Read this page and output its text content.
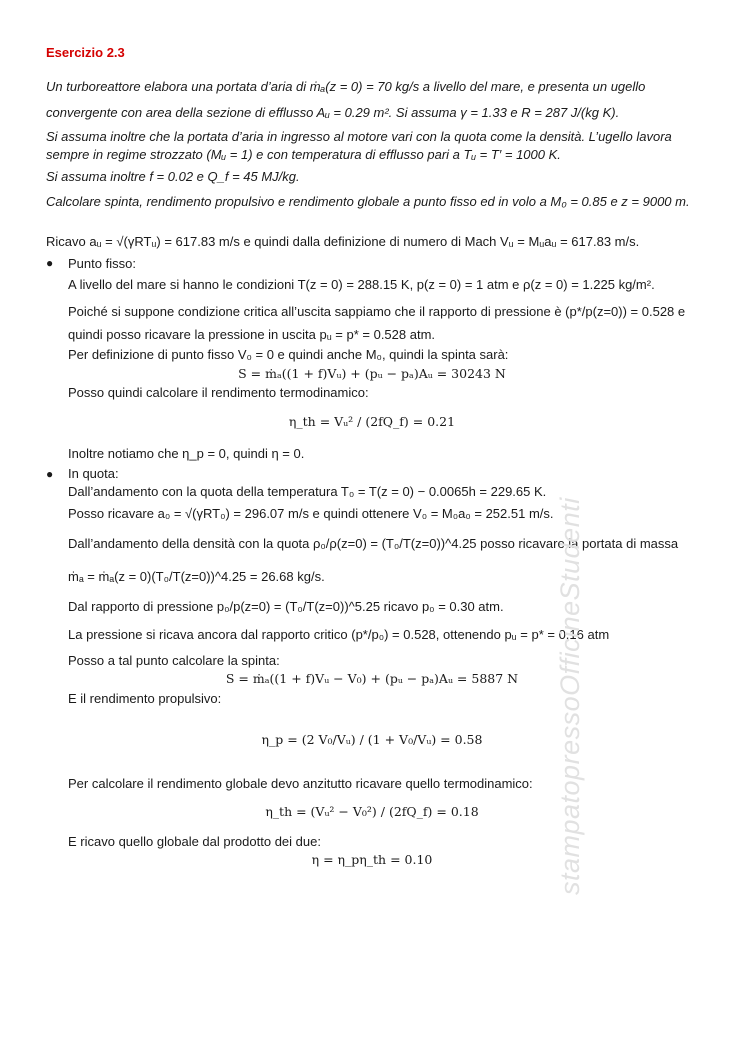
Esercizio 2.3
Un turboreattore elabora una portata d’aria di ṁₐ(z = 0) = 70 kg/s a livello del mare, e presenta un ugello
convergente con area della sezione di efflusso Aᵤ = 0.29 m². Si assuma γ = 1.33 e R = 287 J/(kg K).
Si assuma inoltre che la portata d’aria in ingresso al motore vari con la quota come la densità. L’ugello lavora
sempre in regime strozzato (Mᵤ = 1) e con temperatura di efflusso pari a Tᵤ = T′ = 1000 K.
Si assuma inoltre f = 0.02 e Q_f = 45 MJ/kg.
Calcolare spinta, rendimento propulsivo e rendimento globale a punto fisso ed in volo a M₀ = 0.85 e z = 9000 m.
Ricavo aᵤ = √(γRTᵤ) = 617.83 m/s e quindi dalla definizione di numero di Mach Vᵤ = Mᵤaᵤ = 617.83 m/s.
● Punto fisso:
A livello del mare si hanno le condizioni T(z = 0) = 288.15 K, p(z = 0) = 1 atm e ρ(z = 0) = 1.225 kg/m².
Poiché si suppone condizione critica all’uscita sappiamo che il rapporto di pressione è (p*/p(z=0)) = 0.528 e
quindi posso ricavare la pressione in uscita pᵤ = p* = 0.528 atm.
Per definizione di punto fisso V₀ = 0 e quindi anche M₀, quindi la spinta sarà:
S = ṁₐ((1 + f)Vᵤ) + (pᵤ − pₐ)Aᵤ = 30243 N
Posso quindi calcolare il rendimento termodinamico:
η_th = Vᵤ² / (2fQ_f) = 0.21
Inoltre notiamo che η_p = 0, quindi η = 0.
● In quota:
Dall’andamento con la quota della temperatura T₀ = T(z = 0) − 0.0065h = 229.65 K.
Posso ricavare a₀ = √(γRT₀) = 296.07 m/s e quindi ottenere V₀ = M₀a₀ = 252.51 m/s.
Dall’andamento della densità con la quota ρ₀/ρ(z=0) = (T₀/T(z=0))^4.25 posso ricavare la portata di massa
ṁₐ = ṁₐ(z = 0)(T₀/T(z=0))^4.25 = 26.68 kg/s.
Dal rapporto di pressione p₀/p(z=0) = (T₀/T(z=0))^5.25 ricavo p₀ = 0.30 atm.
La pressione si ricava ancora dal rapporto critico (p*/p₀) = 0.528, ottenendo pᵤ = p* = 0.16 atm
Posso a tal punto calcolare la spinta:
S = ṁₐ((1 + f)Vᵤ − V₀) + (pᵤ − pₐ)Aᵤ = 5887 N
E il rendimento propulsivo:
η_p = (2 V₀/Vᵤ) / (1 + V₀/Vᵤ) = 0.58
Per calcolare il rendimento globale devo anzitutto ricavare quello termodinamico:
η_th = (Vᵤ² − V₀²) / (2fQ_f) = 0.18
E ricavo quello globale dal prodotto dei due:
η = η_pη_th = 0.10	stampatopressoOfficineStudenti
